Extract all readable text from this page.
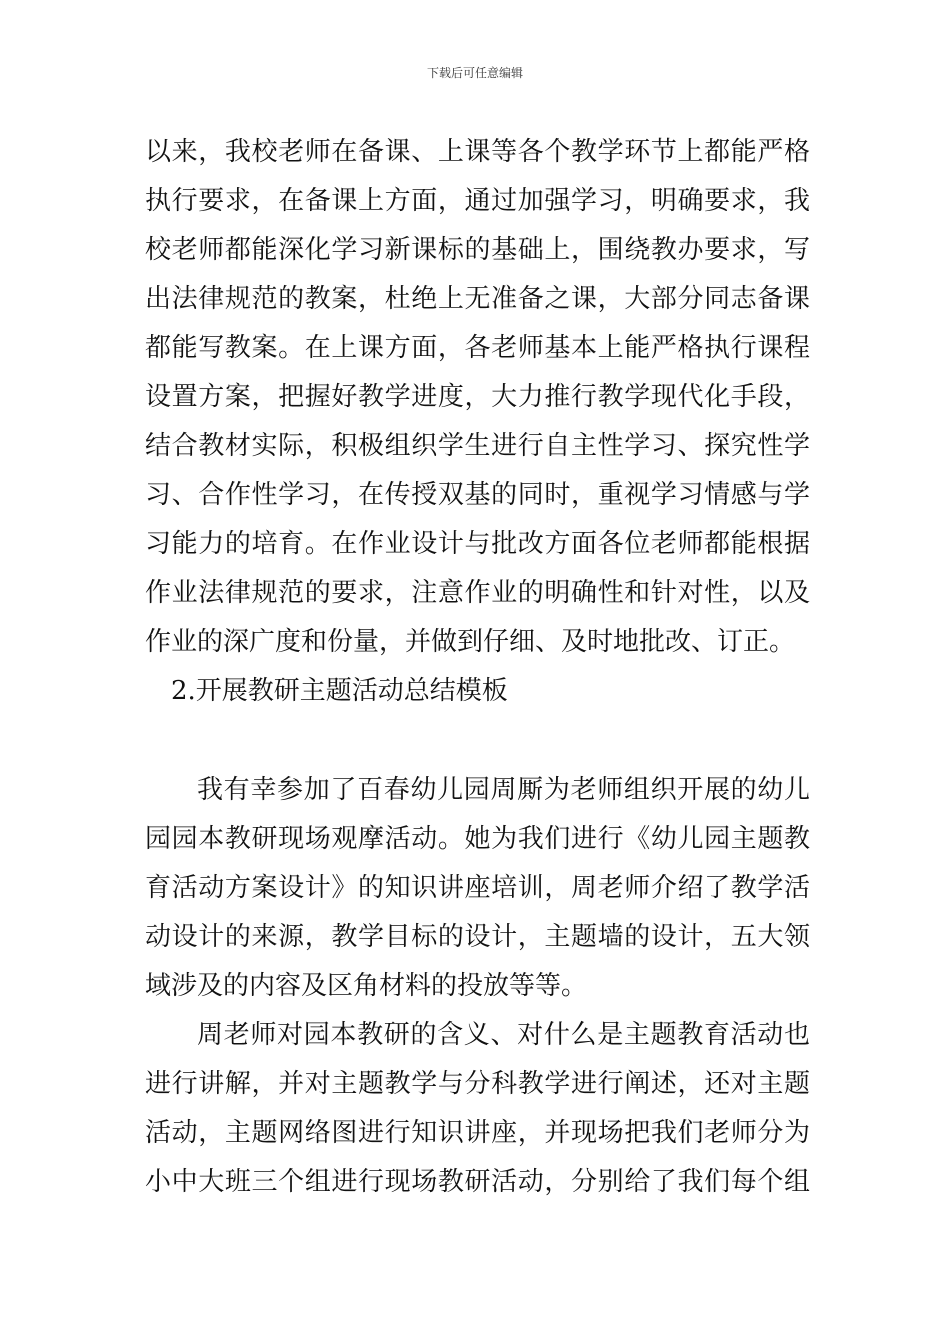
下载后可任意编辑
以来，我校老师在备课、上课等各个教学环节上都能严格
执行要求，在备课上方面，通过加强学习，明确要求，我
校老师都能深化学习新课标的基础上，围绕教办要求，写
出法律规范的教案，杜绝上无准备之课，大部分同志备课
都能写教案。在上课方面，各老师基本上能严格执行课程
设置方案，把握好教学进度，大力推行教学现代化手段，
结合教材实际，积极组织学生进行自主性学习、探究性学
习、合作性学习，在传授双基的同时，重视学习情感与学
习能力的培育。在作业设计与批改方面各位老师都能根据
作业法律规范的要求，注意作业的明确性和针对性，以及
作业的深广度和份量，并做到仔细、及时地批改、订正。
2.开展教研主题活动总结模板
我有幸参加了百春幼儿园周厮为老师组织开展的幼儿
园园本教研现场观摩活动。她为我们进行《幼儿园主题教
育活动方案设计》的知识讲座培训，周老师介绍了教学活
动设计的来源，教学目标的设计，主题墙的设计，五大领
域涉及的内容及区角材料的投放等等。
周老师对园本教研的含义、对什么是主题教育活动也
进行讲解，并对主题教学与分科教学进行阐述，还对主题
活动，主题网络图进行知识讲座，并现场把我们老师分为
小中大班三个组进行现场教研活动，分别给了我们每个组
